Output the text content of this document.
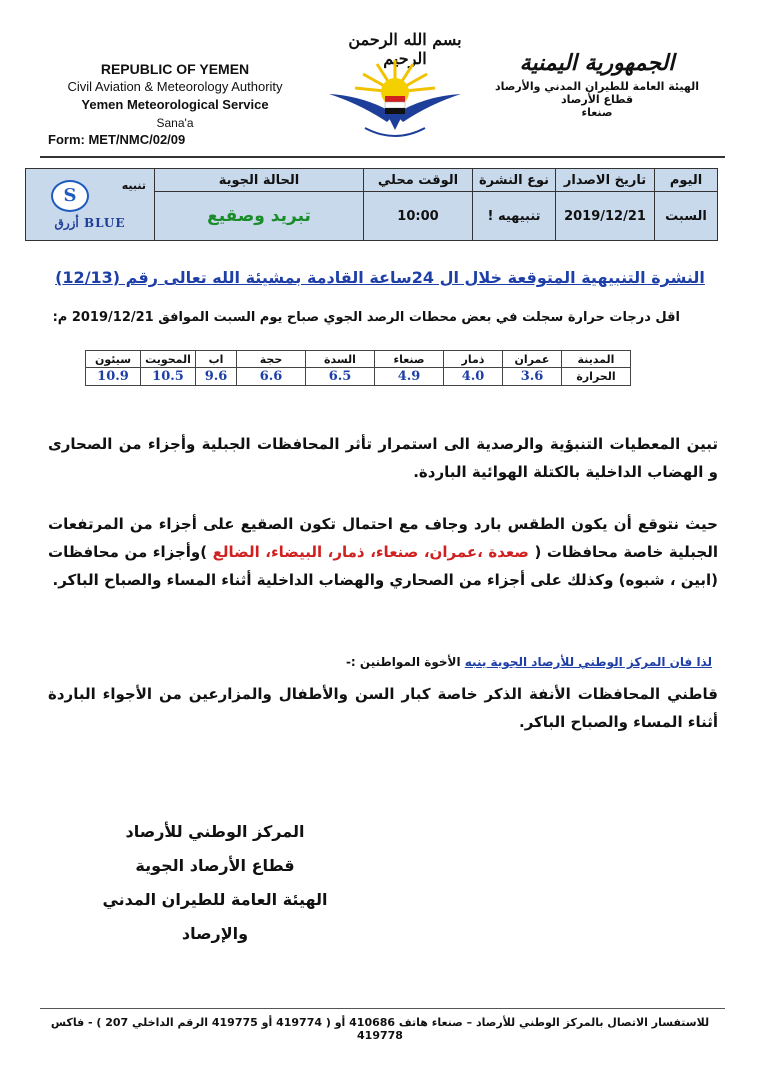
REPUBLIC OF YEMEN
Civil Aviation & Meteorology Authority
Yemen Meteorological Service
Sana'a
Form: MET/NMC/02/09
بسم الله الرحمن الرحيم	الجمهورية اليمنية
الهيئة العامة للطيران المدني والأرصاد
قطاع الأرصاد
صنعاء
اليوم	تاريخ الاصدار	نوع النشرة	الوقت محلي	الحالة الجوية	تنبيه
S
BLUE أزرق

السبت	2019/12/21	تنبيهيه !	10:00	تبريد وصقيع	
النشرة التنبيهية المتوقعة خلال ال 24ساعة القادمة بمشيئة الله تعالى رقم (12/13)
اقل درجات حرارة سجلت في بعض محطات الرصد الجوي صباح يوم السبت الموافق 2019/12/21 م:
المدينة	عمران	ذمار	صنعاء	السدة	حجة	اب	المحويت	سيئون
الحرارة	3.6	4.0	4.9	6.5	6.6	9.6	10.5	10.9
تبين المعطيات التنبؤية والرصدية الى استمرار تأثر المحافظات الجبلية وأجزاء من الصحارى و الهضاب الداخلية بالكتلة الهوائية الباردة.
حيث نتوقع أن يكون الطقس بارد وجاف مع احتمال تكون الصقيع على أجزاء من المرتفعات الجبلية خاصة محافظات ( صعدة ،عمران، صنعاء، ذمار، البيضاء، الضالع )وأجزاء من محافظات (ابين ، شبوه) وكذلك على أجزاء من الصحاري والهضاب الداخلية أثناء المساء والصباح الباكر.
لذا فان المركز الوطني للأرصاد الجوية ينبه الأخوة المواطنين :-
قاطني المحافظات الأنفة الذكر خاصة كبار السن والأطفال والمزارعين من الأجواء الباردة أثناء المساء والصباح الباكر.
المركز الوطني للأرصاد
قطاع الأرصاد الجوية
الهيئة العامة للطيران المدني والإرصاد
للاستفسار الاتصال بالمركز الوطني للأرصاد – صنعاء هاتف 410686 أو ( 419774 أو 419775 الرقم الداخلي 207 ) - فاكس 419778
